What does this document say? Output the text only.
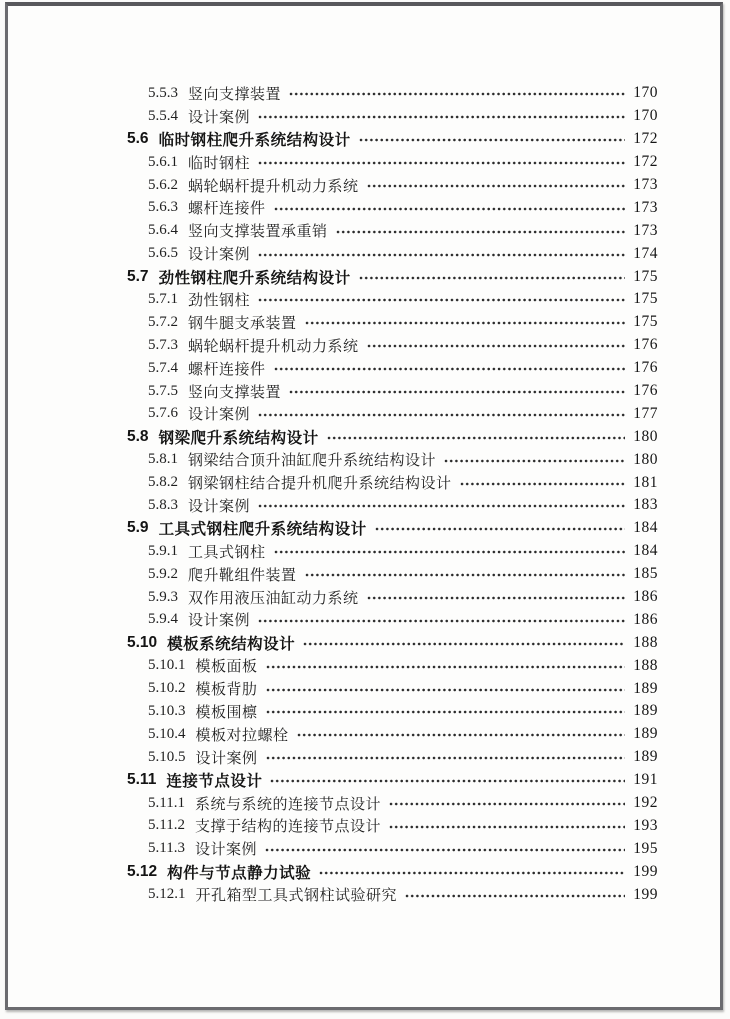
5.5.3 竖向支撑装置	170
5.5.4 设计案例	170
5.6 临时钢柱爬升系统结构设计	172
5.6.1 临时钢柱	172
5.6.2 蜗轮蜗杆提升机动力系统	173
5.6.3 螺杆连接件	173
5.6.4 竖向支撑装置承重销	173
5.6.5 设计案例	174
5.7 劲性钢柱爬升系统结构设计	175
5.7.1 劲性钢柱	175
5.7.2 钢牛腿支承装置	175
5.7.3 蜗轮蜗杆提升机动力系统	176
5.7.4 螺杆连接件	176
5.7.5 竖向支撑装置	176
5.7.6 设计案例	177
5.8 钢梁爬升系统结构设计	180
5.8.1 钢梁结合顶升油缸爬升系统结构设计	180
5.8.2 钢梁钢柱结合提升机爬升系统结构设计	181
5.8.3 设计案例	183
5.9 工具式钢柱爬升系统结构设计	184
5.9.1 工具式钢柱	184
5.9.2 爬升靴组件装置	185
5.9.3 双作用液压油缸动力系统	186
5.9.4 设计案例	186
5.10 模板系统结构设计	188
5.10.1 模板面板	188
5.10.2 模板背肋	189
5.10.3 模板围檩	189
5.10.4 模板对拉螺栓	189
5.10.5 设计案例	189
5.11 连接节点设计	191
5.11.1 系统与系统的连接节点设计	192
5.11.2 支撑于结构的连接节点设计	193
5.11.3 设计案例	195
5.12 构件与节点静力试验	199
5.12.1 开孔箱型工具式钢柱试验研究	199
